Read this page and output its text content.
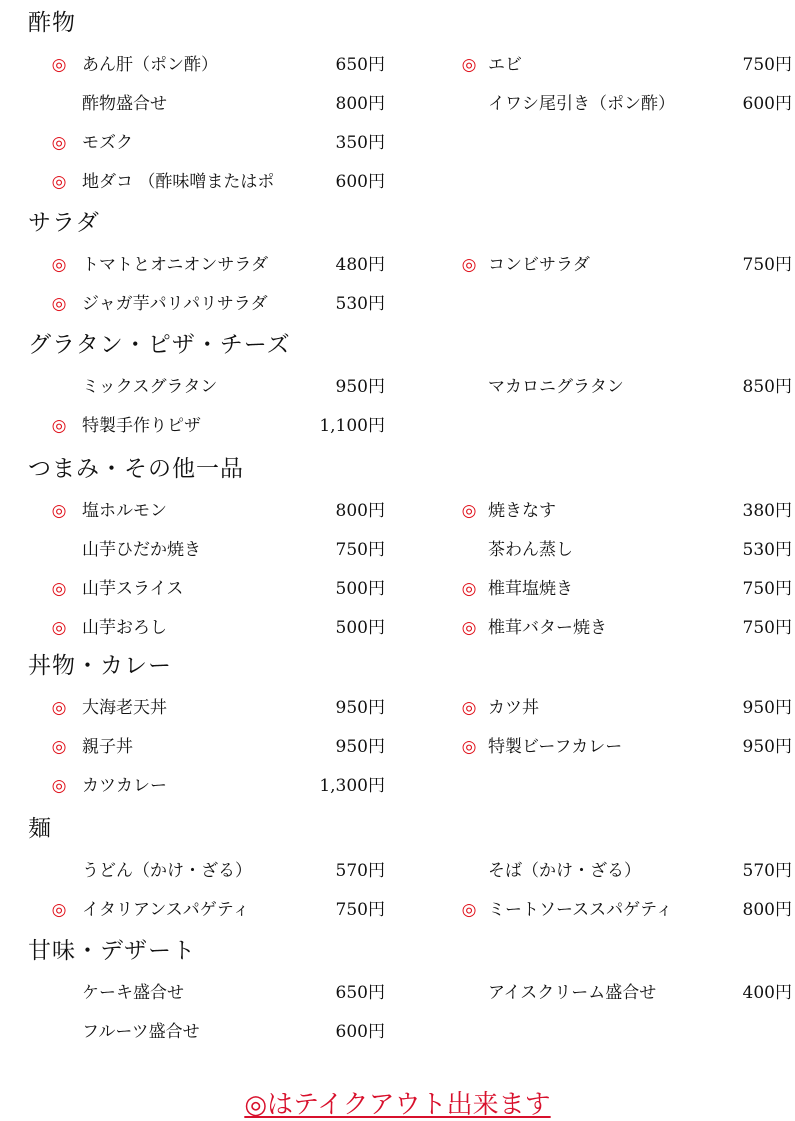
酢物
◎ あん肝（ポン酢）	650円
酢物盛合せ	800円
◎ モズク	350円
◎ 地ダコ （酢味噌またはポ	600円
◎ エビ	750円
イワシ尾引き（ポン酢）	600円
サラダ
◎ トマトとオニオンサラダ	480円
◎ ジャガ芋パリパリサラダ	530円
◎ コンビサラダ	750円
グラタン・ピザ・チーズ
ミックスグラタン	950円
◎ 特製手作りピザ	1,100円
マカロニグラタン	850円
つまみ・その他一品
◎ 塩ホルモン	800円
山芋ひだか焼き	750円
◎ 山芋スライス	500円
◎ 山芋おろし	500円
◎ 焼きなす	380円
茶わん蒸し	530円
◎ 椎茸塩焼き	750円
◎ 椎茸バター焼き	750円
丼物・カレー
◎ 大海老天丼	950円
◎ 親子丼	950円
◎ カツカレー	1,300円
◎ カツ丼	950円
◎ 特製ビーフカレー	950円
麺
うどん（かけ・ざる）	570円
◎ イタリアンスパゲティ	750円
そば（かけ・ざる）	570円
◎ ミートソーススパゲティ	800円
甘味・デザート
ケーキ盛合せ	650円
フルーツ盛合せ	600円
アイスクリーム盛合せ	400円
◎はテイクアウト出来ます
